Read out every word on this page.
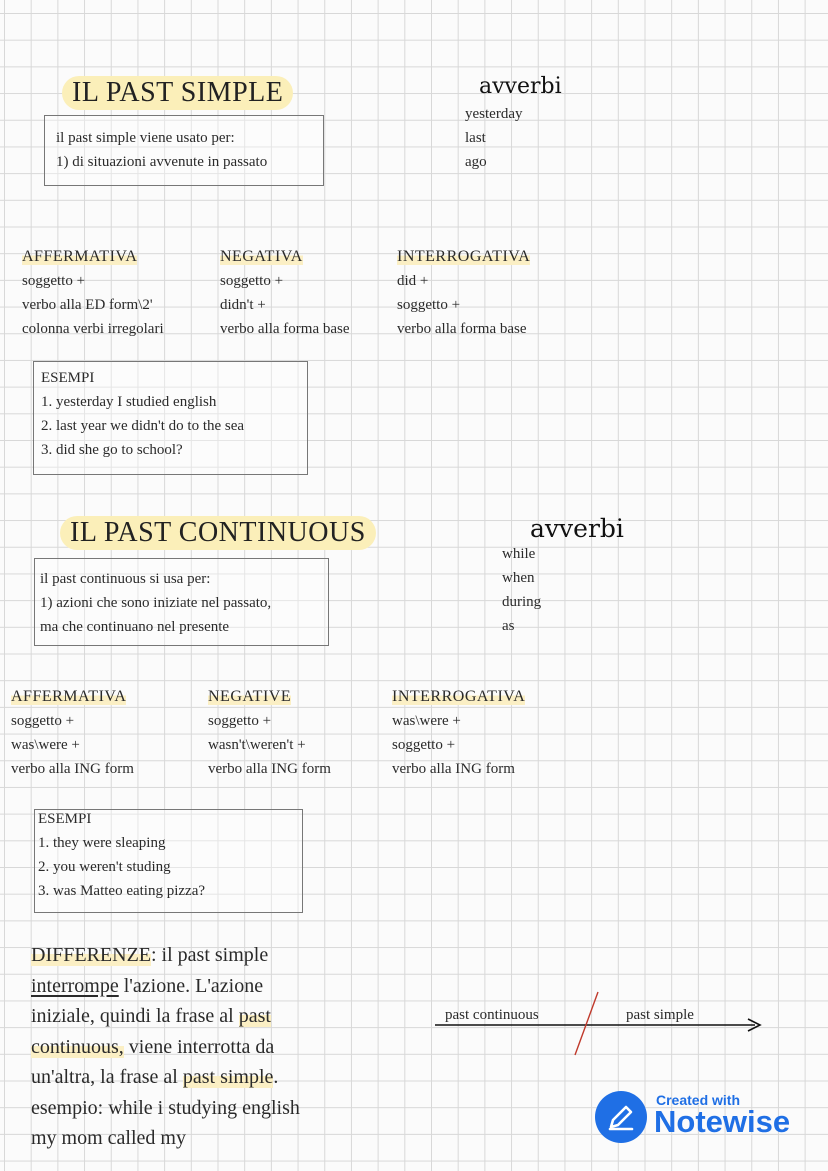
IL PAST SIMPLE
il past simple viene usato per:
1) di situazioni avvenute in passato
avverbi
yesterday
last
ago
AFFERMATIVA
soggetto +
verbo alla ED form\2'
colonna verbi irregolari
NEGATIVA
soggetto +
didn't +
verbo alla forma base
INTERROGATIVA
did +
soggetto +
verbo alla forma base
ESEMPI
1. yesterday I studied english
2. last year we didn't do to the sea
3. did she go to school?
IL PAST CONTINUOUS
il past continuous si usa per:
1) azioni che sono iniziate nel passato,
ma che continuano nel presente
avverbi
while
when
during
as
AFFERMATIVA
soggetto +
was\were +
verbo alla ING form
NEGATIVE
soggetto +
wasn't\weren't +
verbo alla ING form
INTERROGATIVA
was\were +
soggetto +
verbo alla ING form
ESEMPI
1. they were sleaping
2. you weren't studing
3. was Matteo eating pizza?
DIFFERENZE: il past simple
interrompe l'azione. L'azione
iniziale, quindi la frase al past
continuous, viene interrotta da
un'altra, la frase al past simple.
esempio: while i studying english
my mom called my
past continuous	past simple
Created with
Notewise
